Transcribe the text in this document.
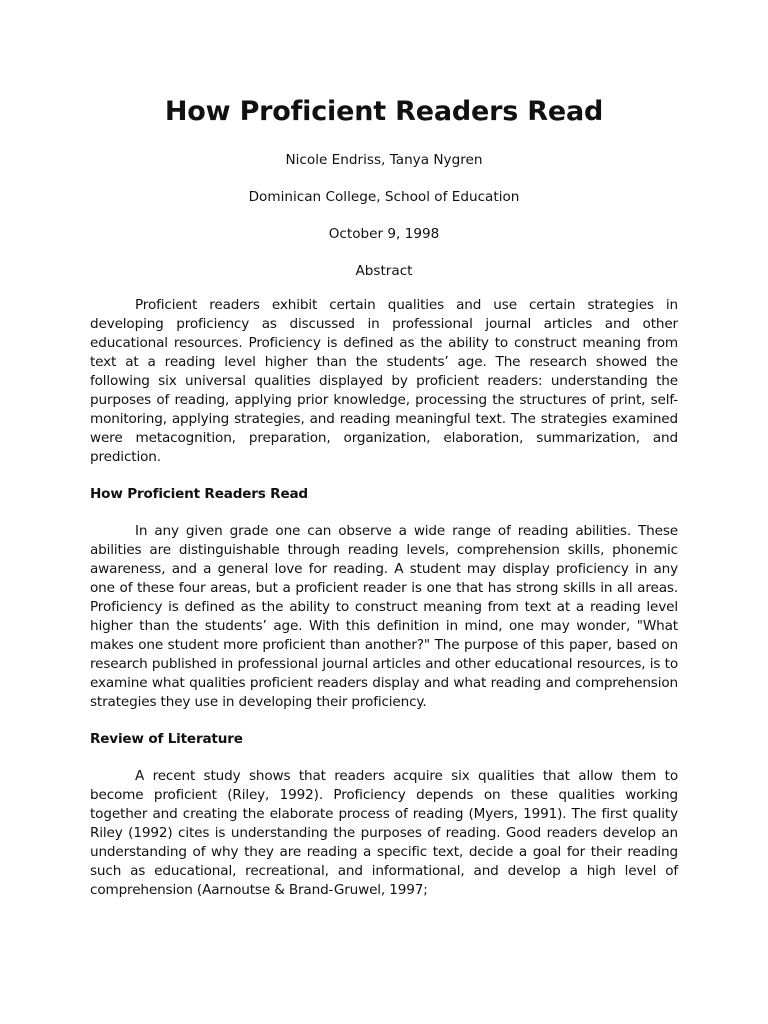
How Proficient Readers Read

Nicole Endriss, Tanya Nygren

Dominican College, School of Education

October 9, 1998

Abstract

Proficient readers exhibit certain qualities and use certain strategies in developing proficiency as discussed in professional journal articles and other educational resources. Proficiency is defined as the ability to construct meaning from text at a reading level higher than the students’ age. The research showed the following six universal qualities displayed by proficient readers: understanding the purposes of reading, applying prior knowledge, processing the structures of print, self-monitoring, applying strategies, and reading meaningful text. The strategies examined were metacognition, preparation, organization, elaboration, summarization, and prediction.

How Proficient Readers Read

In any given grade one can observe a wide range of reading abilities. These abilities are distinguishable through reading levels, comprehension skills, phonemic awareness, and a general love for reading. A student may display proficiency in any one of these four areas, but a proficient reader is one that has strong skills in all areas. Proficiency is defined as the ability to construct meaning from text at a reading level higher than the students’ age. With this definition in mind, one may wonder, "What makes one student more proficient than another?" The purpose of this paper, based on research published in professional journal articles and other educational resources, is to examine what qualities proficient readers display and what reading and comprehension strategies they use in developing their proficiency.

Review of Literature

A recent study shows that readers acquire six qualities that allow them to become proficient (Riley, 1992). Proficiency depends on these qualities working together and creating the elaborate process of reading (Myers, 1991). The first quality Riley (1992) cites is understanding the purposes of reading. Good readers develop an understanding of why they are reading a specific text, decide a goal for their reading such as educational, recreational, and informational, and develop a high level of comprehension (Aarnoutse & Brand-Gruwel, 1997;
